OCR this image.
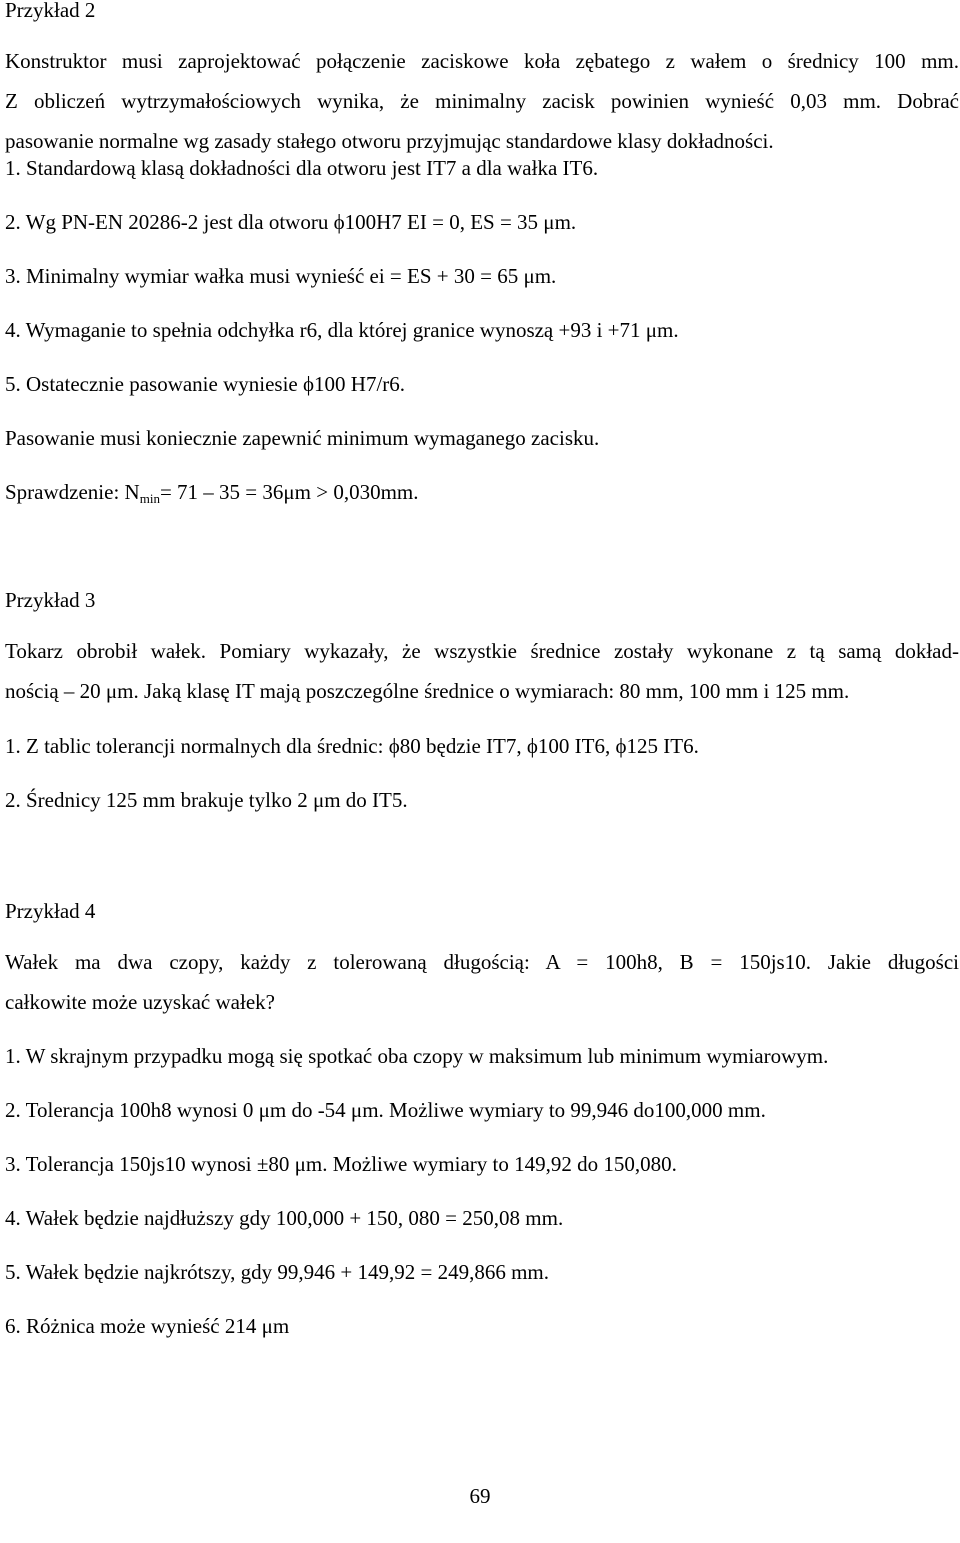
Przykład 2
Konstruktor musi zaprojektować połączenie zaciskowe koła zębatego z wałem o średnicy 100 mm.
Z obliczeń wytrzymałościowych wynika, że minimalny zacisk powinien wynieść 0,03 mm. Dobrać
pasowanie normalne wg zasady stałego otworu przyjmując standardowe klasy dokładności.
1. Standardową klasą dokładności dla otworu jest IT7 a dla wałka IT6.
2. Wg PN-EN 20286-2 jest dla otworu ϕ100H7 EI = 0, ES = 35 μm.
3. Minimalny wymiar wałka musi wynieść ei = ES + 30 = 65 μm.
4. Wymaganie to spełnia odchyłka r6, dla której granice wynoszą +93 i +71 μm.
5. Ostatecznie pasowanie wyniesie ϕ100 H7/r6.
Pasowanie musi koniecznie zapewnić minimum wymaganego zacisku.
Sprawdzenie: $N_{min}= 71 - 35 = 36\mu m > 0,030mm$.
Przykład 3
Tokarz obrobił wałek. Pomiary wykazały, że wszystkie średnice zostały wykonane z tą samą dokład-
nością – 20 μm. Jaką klasę IT mają poszczególne średnice o wymiarach: 80 mm, 100 mm i 125 mm.
1. Z tablic tolerancji normalnych dla średnic: ϕ80 będzie IT7, ϕ100 IT6, ϕ125 IT6.
2. Średnicy 125 mm brakuje tylko 2 μm do IT5.
Przykład 4
Wałek ma dwa czopy, każdy z tolerowaną długością: A = 100h8, B = 150js10. Jakie długości
całkowite może uzyskać wałek?
1. W skrajnym przypadku mogą się spotkać oba czopy w maksimum lub minimum wymiarowym.
2. Tolerancja 100h8 wynosi 0 μm do -54 μm. Możliwe wymiary to 99,946 do100,000 mm.
3. Tolerancja 150js10 wynosi ±80 μm. Możliwe wymiary to 149,92 do 150,080.
4. Wałek będzie najdłuższy gdy 100,000 + 150, 080 = 250,08 mm.
5. Wałek będzie najkrótszy, gdy 99,946 + 149,92 = 249,866 mm.
6. Różnica może wynieść 214 μm
69
